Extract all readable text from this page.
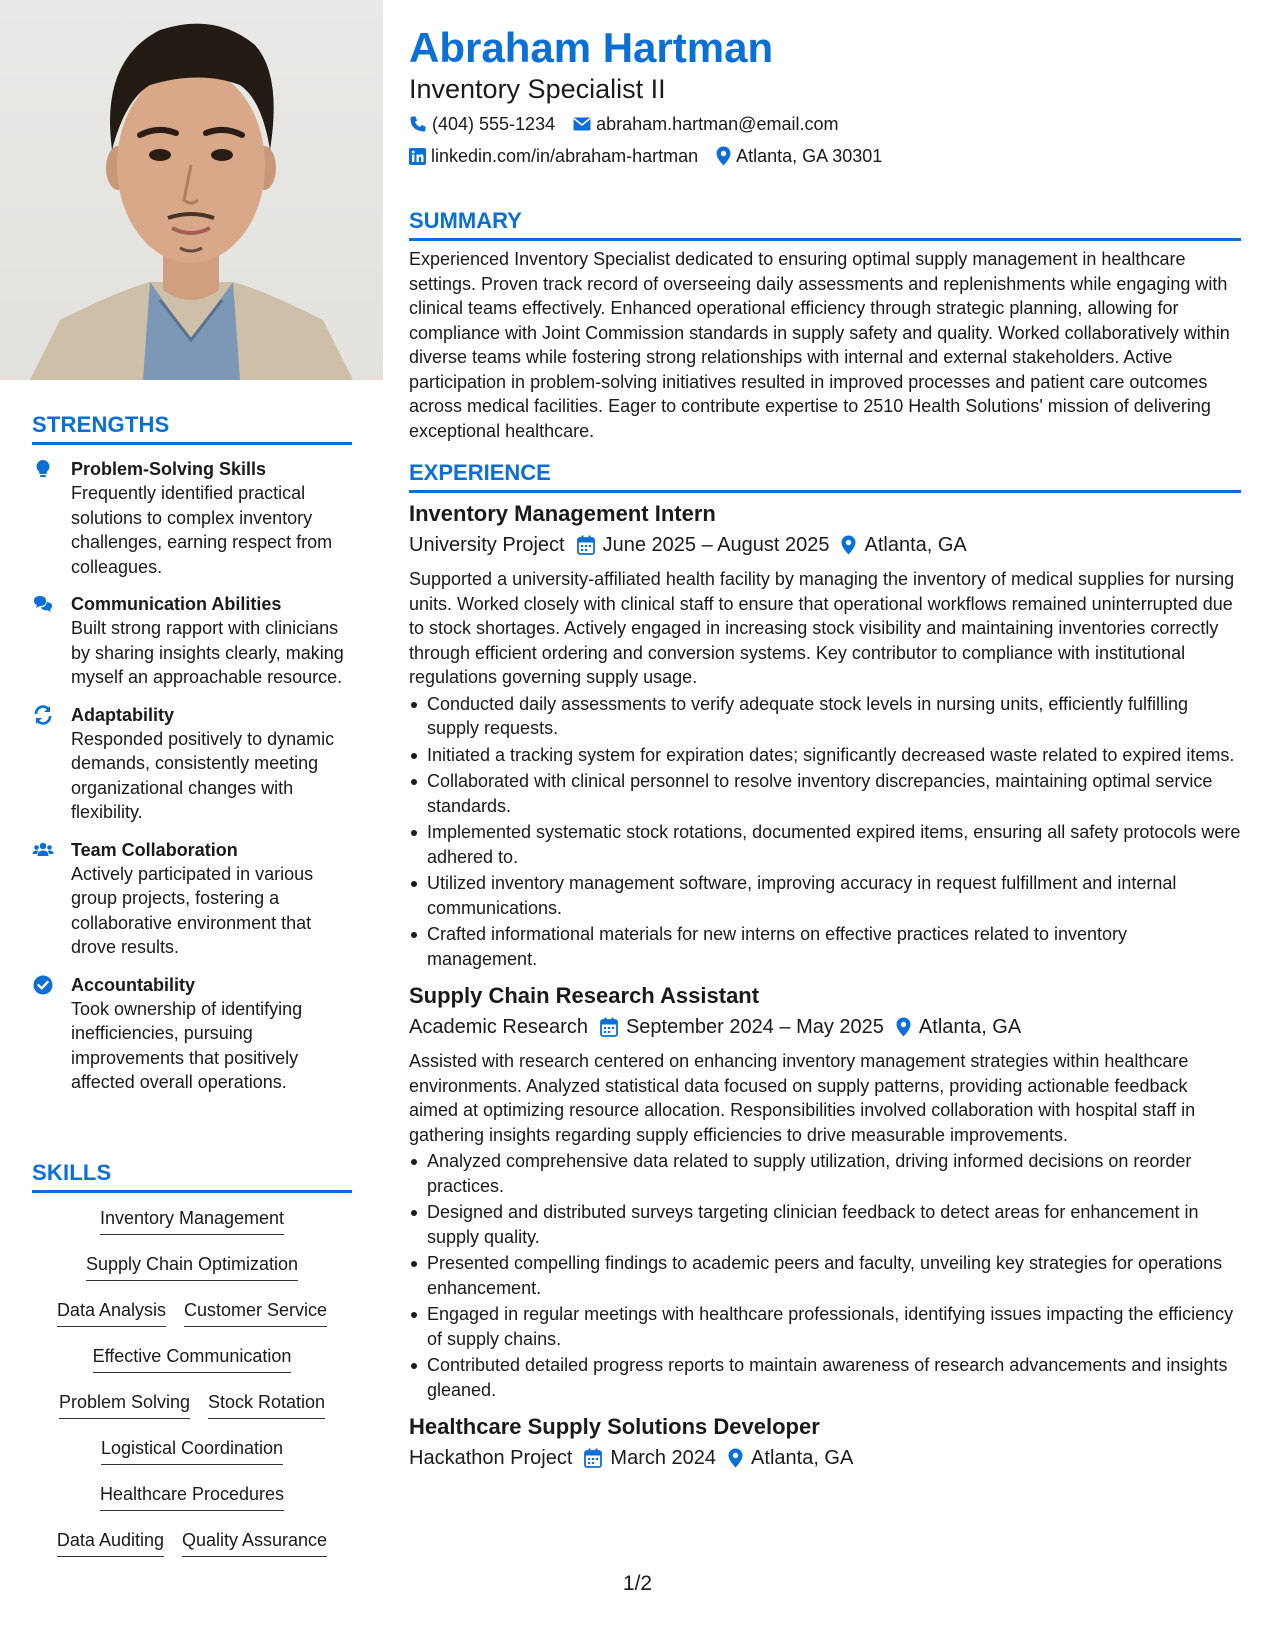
STRENGTHS
Problem-Solving Skills
Frequently identified practical solutions to complex inventory challenges, earning respect from colleagues.
Communication Abilities
Built strong rapport with clinicians by sharing insights clearly, making myself an approachable resource.
Adaptability
Responded positively to dynamic demands, consistently meeting organizational changes with flexibility.
Team Collaboration
Actively participated in various group projects, fostering a collaborative environment that drove results.
Accountability
Took ownership of identifying inefficiencies, pursuing improvements that positively affected overall operations.
SKILLS
Inventory Management
Supply Chain Optimization
Data Analysis Customer Service
Effective Communication
Problem Solving Stock Rotation
Logistical Coordination
Healthcare Procedures
Data Auditing Quality Assurance
Abraham Hartman
Inventory Specialist II
(404) 555-1234 abraham.hartman@email.com
linkedin.com/in/abraham-hartman Atlanta, GA 30301
SUMMARY
Experienced Inventory Specialist dedicated to ensuring optimal supply management in healthcare settings. Proven track record of overseeing daily assessments and replenishments while engaging with clinical teams effectively. Enhanced operational efficiency through strategic planning, allowing for compliance with Joint Commission standards in supply safety and quality. Worked collaboratively within diverse teams while fostering strong relationships with internal and external stakeholders. Active participation in problem-solving initiatives resulted in improved processes and patient care outcomes across medical facilities. Eager to contribute expertise to 2510 Health Solutions' mission of delivering exceptional healthcare.
EXPERIENCE
Inventory Management Intern
University Project June 2025 – August 2025 Atlanta, GA
Supported a university-affiliated health facility by managing the inventory of medical supplies for nursing units. Worked closely with clinical staff to ensure that operational workflows remained uninterrupted due to stock shortages. Actively engaged in increasing stock visibility and maintaining inventories correctly through efficient ordering and conversion systems. Key contributor to compliance with institutional regulations governing supply usage.
Conducted daily assessments to verify adequate stock levels in nursing units, efficiently fulfilling supply requests.
Initiated a tracking system for expiration dates; significantly decreased waste related to expired items.
Collaborated with clinical personnel to resolve inventory discrepancies, maintaining optimal service standards.
Implemented systematic stock rotations, documented expired items, ensuring all safety protocols were adhered to.
Utilized inventory management software, improving accuracy in request fulfillment and internal communications.
Crafted informational materials for new interns on effective practices related to inventory management.
Supply Chain Research Assistant
Academic Research September 2024 – May 2025 Atlanta, GA
Assisted with research centered on enhancing inventory management strategies within healthcare environments. Analyzed statistical data focused on supply patterns, providing actionable feedback aimed at optimizing resource allocation. Responsibilities involved collaboration with hospital staff in gathering insights regarding supply efficiencies to drive measurable improvements.
Analyzed comprehensive data related to supply utilization, driving informed decisions on reorder practices.
Designed and distributed surveys targeting clinician feedback to detect areas for enhancement in supply quality.
Presented compelling findings to academic peers and faculty, unveiling key strategies for operations enhancement.
Engaged in regular meetings with healthcare professionals, identifying issues impacting the efficiency of supply chains.
Contributed detailed progress reports to maintain awareness of research advancements and insights gleaned.
Healthcare Supply Solutions Developer
Hackathon Project March 2024 Atlanta, GA
1/2
